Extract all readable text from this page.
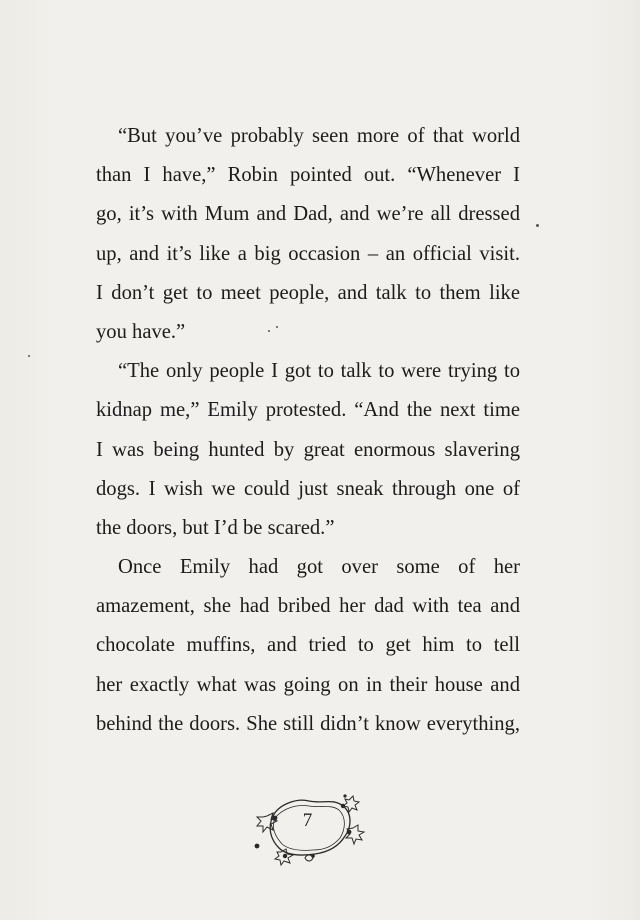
“But you’ve probably seen more of that world
than I have,” Robin pointed out. “Whenever I
go, it’s with Mum and Dad, and we’re all dressed
up, and it’s like a big occasion – an official visit.
I don’t get to meet people, and talk to them like
you have.”
“The only people I got to talk to were trying to
kidnap me,” Emily protested. “And the next time
I was being hunted by great enormous slavering
dogs. I wish we could just sneak through one of
the doors, but I’d be scared.”
Once Emily had got over some of her
amazement, she had bribed her dad with tea and
chocolate muffins, and tried to get him to tell
her exactly what was going on in their house and
behind the doors. She still didn’t know everything,
7
